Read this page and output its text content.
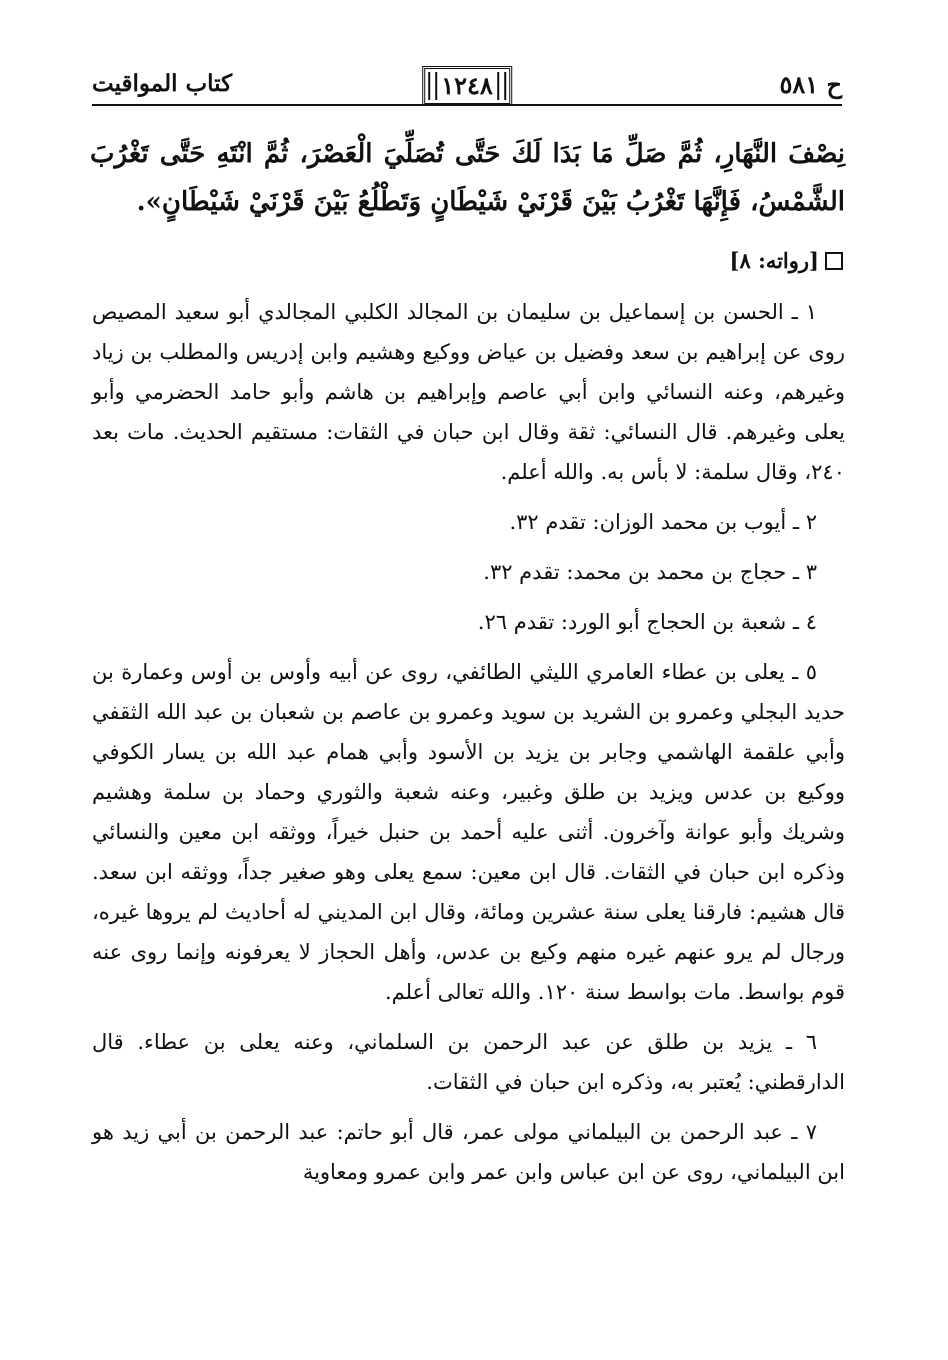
ح ٥٨١
١٢٤٨
كتاب المواقيت
نِصْفَ النَّهَارِ، ثُمَّ صَلِّ مَا بَدَا لَكَ حَتَّى تُصَلِّيَ الْعَصْرَ، ثُمَّ انْتَهِ حَتَّى تَغْرُبَ الشَّمْسُ، فَإِنَّهَا تَغْرُبُ بَيْنَ قَرْنَيْ شَيْطَانٍ وَتَطْلُعُ بَيْنَ قَرْنَيْ شَيْطَانٍ».
[رواته: ٨]

١ ـ الحسن بن إسماعيل بن سليمان بن المجالد الكلبي المجالدي أبو سعيد المصيص روى عن إبراهيم بن سعد وفضيل بن عياض ووكيع وهشيم وابن إدريس والمطلب بن زياد وغيرهم، وعنه النسائي وابن أبي عاصم وإبراهيم بن هاشم وأبو حامد الحضرمي وأبو يعلى وغيرهم. قال النسائي: ثقة وقال ابن حبان في الثقات: مستقيم الحديث. مات بعد ٢٤٠، وقال سلمة: لا بأس به. والله أعلم.

٢ ـ أيوب بن محمد الوزان: تقدم ٣٢.

٣ ـ حجاج بن محمد بن محمد: تقدم ٣٢.

٤ ـ شعبة بن الحجاج أبو الورد: تقدم ٢٦.

٥ ـ يعلى بن عطاء العامري الليثي الطائفي، روى عن أبيه وأوس بن أوس وعمارة بن حديد البجلي وعمرو بن الشريد بن سويد وعمرو بن عاصم بن شعبان بن عبد الله الثقفي وأبي علقمة الهاشمي وجابر بن يزيد بن الأسود وأبي همام عبد الله بن يسار الكوفي ووكيع بن عدس ويزيد بن طلق وغبير، وعنه شعبة والثوري وحماد بن سلمة وهشيم وشريك وأبو عوانة وآخرون. أثنى عليه أحمد بن حنبل خيراً، ووثقه ابن معين والنسائي وذكره ابن حبان في الثقات. قال ابن معين: سمع يعلى وهو صغير جداً، ووثقه ابن سعد. قال هشيم: فارقنا يعلى سنة عشرين ومائة، وقال ابن المديني له أحاديث لم يروها غيره، ورجال لم يرو عنهم غيره منهم وكيع بن عدس، وأهل الحجاز لا يعرفونه وإنما روى عنه قوم بواسط. مات بواسط سنة ١٢٠. والله تعالى أعلم.

٦ ـ يزيد بن طلق عن عبد الرحمن بن السلماني، وعنه يعلى بن عطاء. قال الدارقطني: يُعتبر به، وذكره ابن حبان في الثقات.

٧ ـ عبد الرحمن بن البيلماني مولى عمر، قال أبو حاتم: عبد الرحمن بن أبي زيد هو ابن البيلماني، روى عن ابن عباس وابن عمر وابن عمرو ومعاوية
